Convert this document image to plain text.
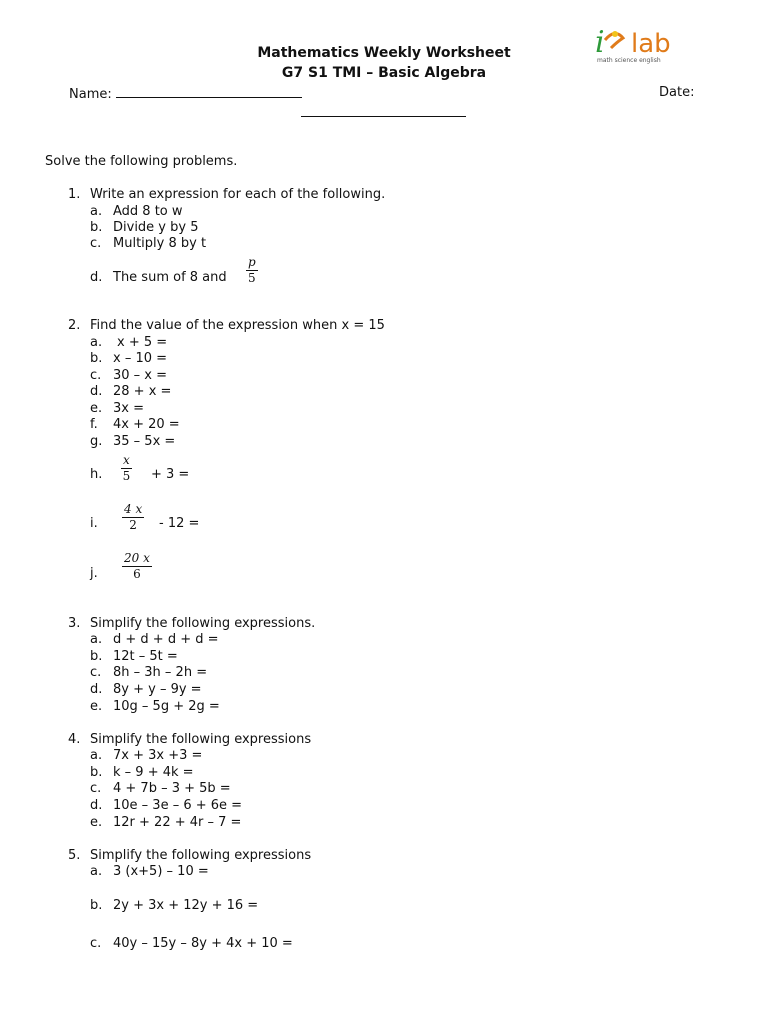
i lab
math science english
Mathematics Weekly Worksheet
G7 S1 TMI – Basic Algebra
Name:	Date:
Solve the following problems.
1. Write an expression for each of the following.
a. Add 8 to w
b. Divide y by 5
c. Multiply 8 by t
d. The sum of 8 and $\frac{p}{5}$
2. Find the value of the expression when x = 15
a. x + 5 =
b. x – 10 =
c. 30 – x =
d. 28 + x =
e. 3x =
f. 4x + 20 =
g. 35 – 5x =
h. $\frac{x}{5} + 3$ =
i. $\frac{4 x}{2} - 12$ =
j. $\frac{20 x}{6}$
3. Simplify the following expressions.
a. d + d + d + d =
b. 12t – 5t =
c. 8h – 3h – 2h =
d. 8y + y – 9y =
e. 10g – 5g + 2g =
4. Simplify the following expressions
a. 7x + 3x +3 =
b. k – 9 + 4k =
c. 4 + 7b – 3 + 5b =
d. 10e – 3e – 6 + 6e =
e. 12r + 22 + 4r – 7 =
5. Simplify the following expressions
a. 3 (x+5) – 10 =
b. 2y + 3x + 12y + 16 =
c. 40y – 15y – 8y + 4x + 10 =
